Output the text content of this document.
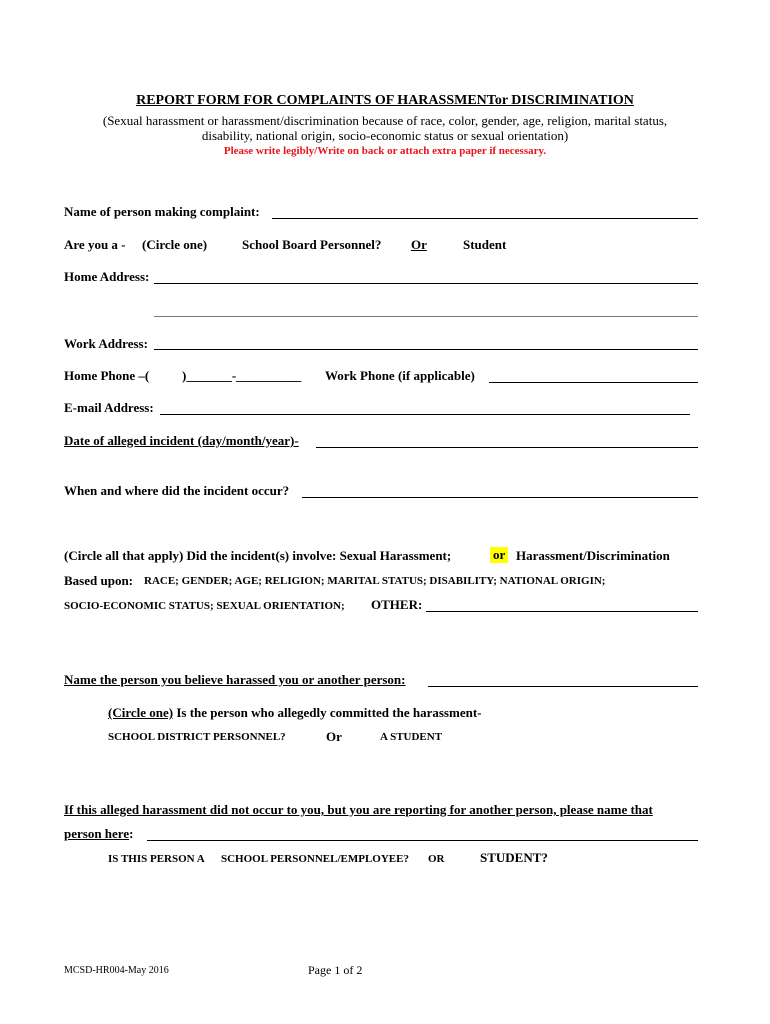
REPORT FORM FOR COMPLAINTS OF HARASSMENTor DISCRIMINATION
(Sexual harassment or harassment/discrimination because of race, color, gender, age, religion, marital status,
disability, national origin, socio-economic status or sexual orientation)
Please write legibly/Write on back or attach extra paper if necessary.
Name of person making complaint:
Are you a - (Circle one)	School Board Personnel? Or	Student
Home Address:
Work Address:
Home Phone –(	)_______-__________ Work Phone (if applicable)
E-mail Address:
Date of alleged incident (day/month/year)-
When and where did the incident occur?
(Circle all that apply) Did the incident(s) involve: Sexual Harassment;	or Harassment/Discrimination
Based upon: RACE; GENDER; AGE; RELIGION; MARITAL STATUS; DISABILITY; NATIONAL ORIGIN;
SOCIO-ECONOMIC STATUS; SEXUAL ORIENTATION; OTHER:
Name the person you believe harassed you or another person:
(Circle one) Is the person who allegedly committed the harassment-
SCHOOL DISTRICT PERSONNEL?	Or	A STUDENT
If this alleged harassment did not occur to you, but you are reporting for another person, please name that
person here:
IS THIS PERSON A SCHOOL PERSONNEL/EMPLOYEE? OR	STUDENT?
MCSD-HR004-May 2016	Page 1 of 2
